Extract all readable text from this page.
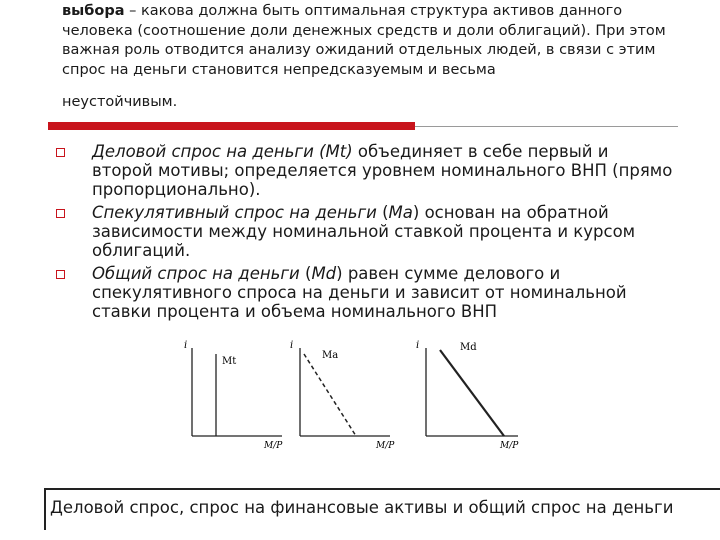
выбора – какова должна быть оптимальная структура активов данного человека (соотношение доли денежных средств и доли облигаций). При этом важная роль отводится анализу ожиданий отдельных людей, в связи с этим спрос на деньги становится непредсказуемым и весьма

неустойчивым.

Деловой спрос на деньги (Mt) объединяет в себе первый и второй мотивы; определяется уровнем номинального ВНП (прямо пропорционально).
Спекулятивный спрос на деньги (Ma) основан на обратной зависимости между номинальной ставкой процента и курсом облигаций.
Общий спрос на деньги (Md) равен сумме делового и спекулятивного спроса на деньги и зависит от номинальной ставки процента и объема номинального ВНП
i
Mt
M/P
i
Ma
M/P
i	Md
M/P
Деловой спрос, спрос на финансовые активы и общий спрос на деньги
